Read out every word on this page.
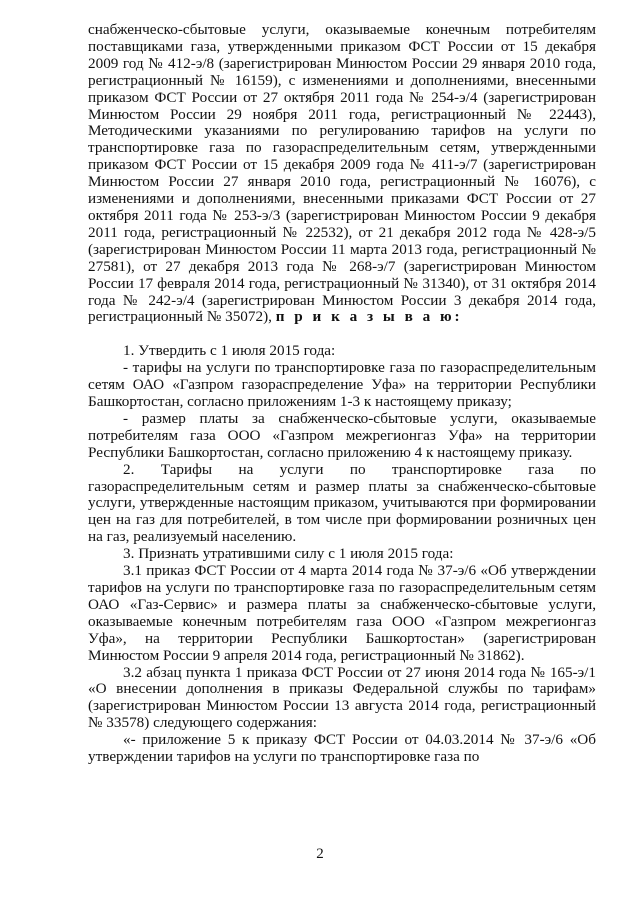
снабженческо-сбытовые услуги, оказываемые конечным потребителям поставщиками газа, утвержденными приказом ФСТ России от 15 декабря 2009 год № 412-э/8 (зарегистрирован Минюстом России 29 января 2010 года, регистрационный № 16159), с изменениями и дополнениями, внесенными приказом ФСТ России от 27 октября 2011 года № 254-э/4 (зарегистрирован Минюстом России 29 ноября 2011 года, регистрационный № 22443), Методическими указаниями по регулированию тарифов на услуги по транспортировке газа по газораспределительным сетям, утвержденными приказом ФСТ России от 15 декабря 2009 года № 411-э/7 (зарегистрирован Минюстом России 27 января 2010 года, регистрационный № 16076), с изменениями и дополнениями, внесенными приказами ФСТ России от 27 октября 2011 года № 253-э/3 (зарегистрирован Минюстом России 9 декабря 2011 года, регистрационный № 22532), от 21 декабря 2012 года № 428-э/5 (зарегистрирован Минюстом России 11 марта 2013 года, регистрационный № 27581), от 27 декабря 2013 года № 268-э/7 (зарегистрирован Минюстом России 17 февраля 2014 года, регистрационный № 31340), от 31 октября 2014 года № 242-э/4 (зарегистрирован Минюстом России 3 декабря 2014 года, регистрационный № 35072), п р и к а з ы в а ю:

1. Утвердить с 1 июля 2015 года:

- тарифы на услуги по транспортировке газа по газораспределительным сетям ОАО «Газпром газораспределение Уфа» на территории Республики Башкортостан, согласно приложениям 1-3 к настоящему приказу;

- размер платы за снабженческо-сбытовые услуги, оказываемые потребителям газа ООО «Газпром межрегионгаз Уфа» на территории Республики Башкортостан, согласно приложению 4 к настоящему приказу.

2. Тарифы на услуги по транспортировке газа по газораспределительным сетям и размер платы за снабженческо-сбытовые услуги, утвержденные настоящим приказом, учитываются при формировании цен на газ для потребителей, в том числе при формировании розничных цен на газ, реализуемый населению.

3. Признать утратившими силу с 1 июля 2015 года:

3.1 приказ ФСТ России от 4 марта 2014 года № 37-э/6 «Об утверждении тарифов на услуги по транспортировке газа по газораспределительным сетям ОАО «Газ-Сервис» и размера платы за снабженческо-сбытовые услуги, оказываемые конечным потребителям газа ООО «Газпром межрегионгаз Уфа», на территории Республики Башкортостан» (зарегистрирован Минюстом России 9 апреля 2014 года, регистрационный № 31862).

3.2 абзац пункта 1 приказа ФСТ России от 27 июня 2014 года № 165-э/1 «О внесении дополнения в приказы Федеральной службы по тарифам» (зарегистрирован Минюстом России 13 августа 2014 года, регистрационный № 33578) следующего содержания:

«- приложение 5 к приказу ФСТ России от 04.03.2014 № 37-э/6 «Об утверждении тарифов на услуги по транспортировке газа по

2
